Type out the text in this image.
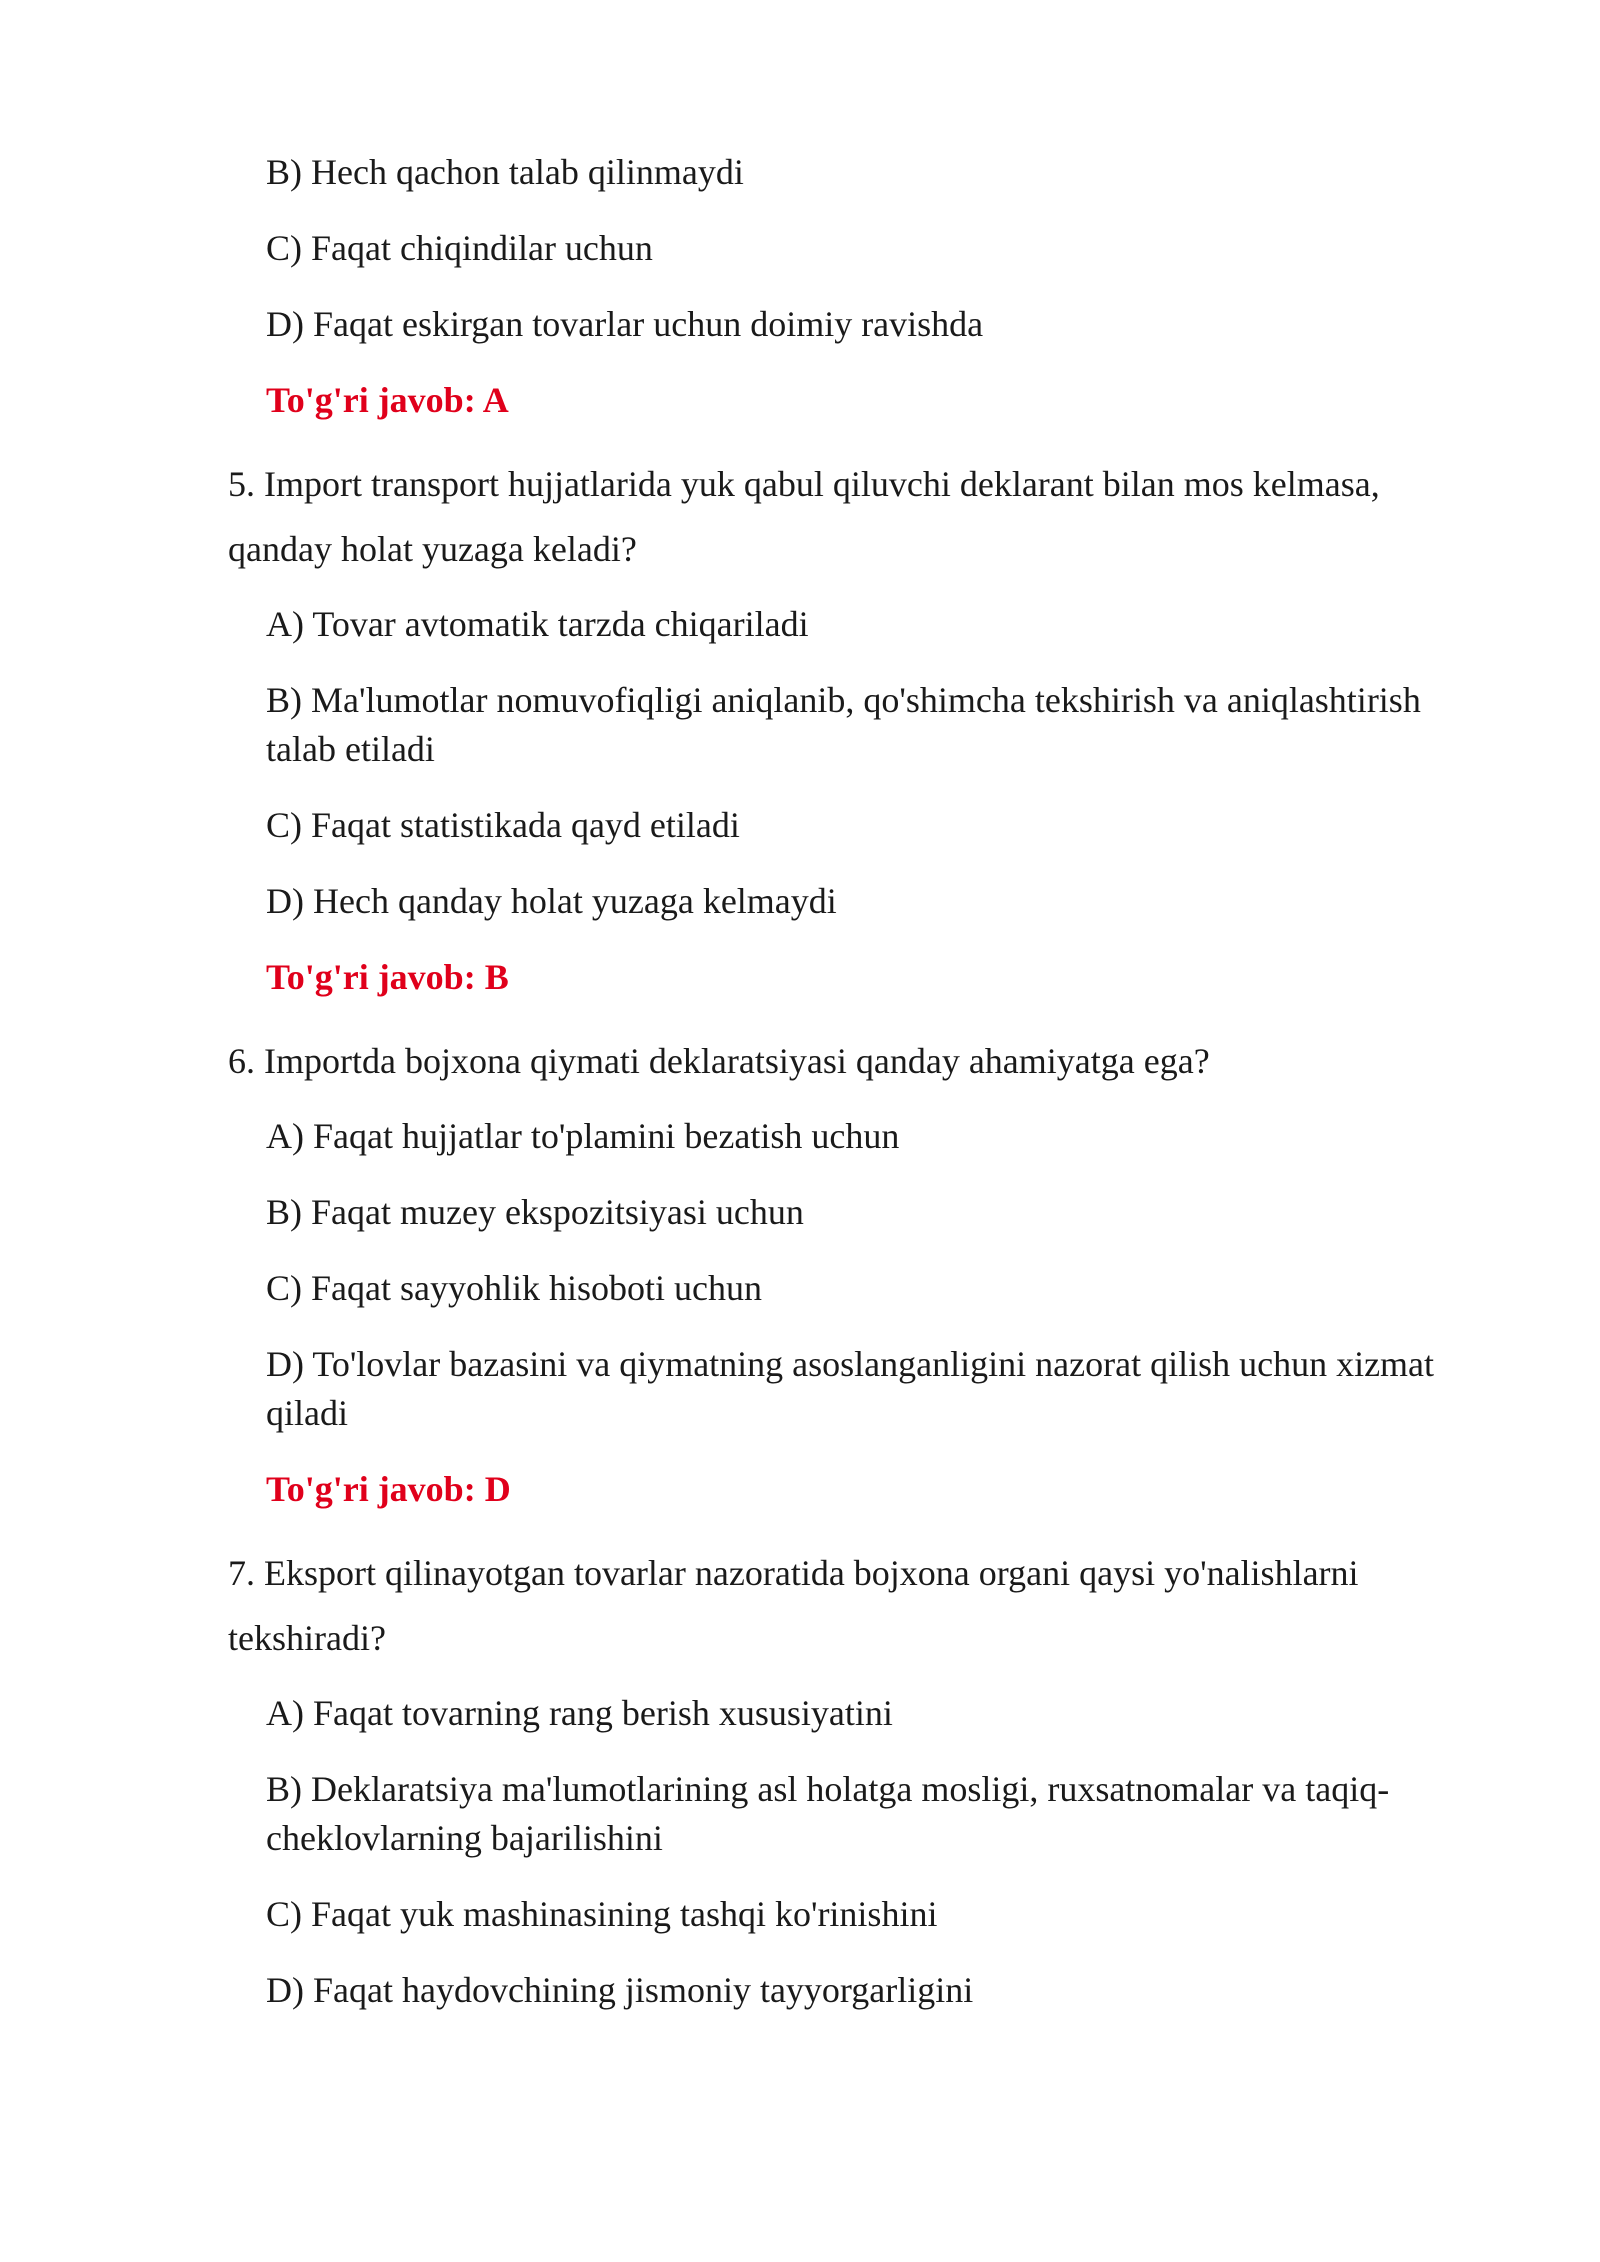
B) Hech qachon talab qilinmaydi
C) Faqat chiqindilar uchun
D) Faqat eskirgan tovarlar uchun doimiy ravishda
To'g'ri javob: A
5. Import transport hujjatlarida yuk qabul qiluvchi deklarant bilan mos kelmasa, qanday holat yuzaga keladi?
A) Tovar avtomatik tarzda chiqariladi
B) Ma'lumotlar nomuvofiqligi aniqlanib, qo'shimcha tekshirish va aniqlashtirish talab etiladi
C) Faqat statistikada qayd etiladi
D) Hech qanday holat yuzaga kelmaydi
To'g'ri javob: B
6. Importda bojxona qiymati deklaratsiyasi qanday ahamiyatga ega?
A) Faqat hujjatlar to'plamini bezatish uchun
B) Faqat muzey ekspozitsiyasi uchun
C) Faqat sayyohlik hisoboti uchun
D) To'lovlar bazasini va qiymatning asoslanganligini nazorat qilish uchun xizmat qiladi
To'g'ri javob: D
7. Eksport qilinayotgan tovarlar nazoratida bojxona organi qaysi yo'nalishlarni tekshiradi?
A) Faqat tovarning rang berish xususiyatini
B) Deklaratsiya ma'lumotlarining asl holatga mosligi, ruxsatnomalar va taqiq-cheklovlarning bajarilishini
C) Faqat yuk mashinasining tashqi ko'rinishini
D) Faqat haydovchining jismoniy tayyorgarligini
